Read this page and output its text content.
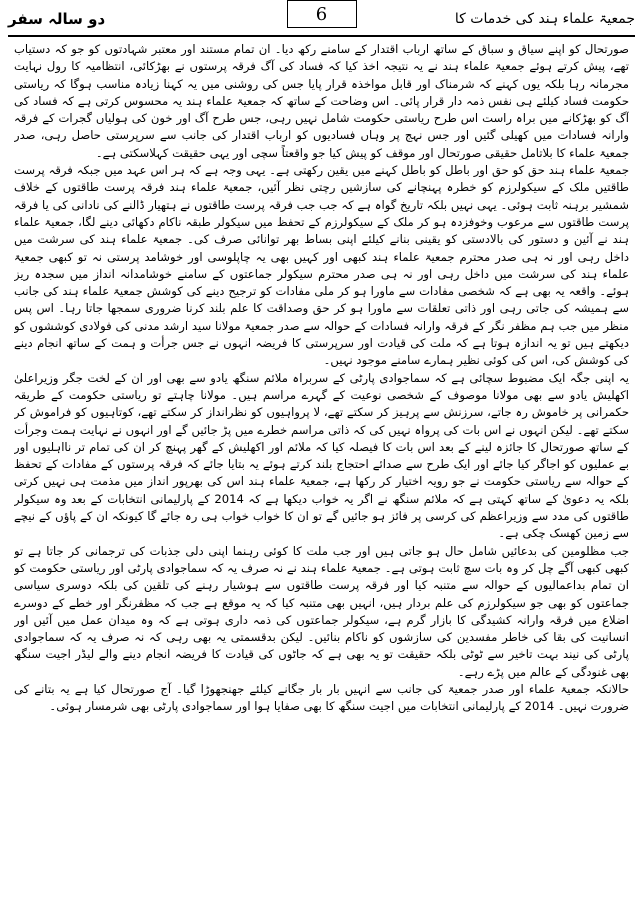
دو سالہ سفر	جمعیۃ علماء ہند کی خدمات کا
6

صورتحال کو اپنے سیاق و سباق کے ساتھ ارباب اقتدار کے سامنے رکھ دیا۔ ان تمام مستند اور معتبر شہادتوں کو جو کہ دستیاب تھے، پیش کرتے ہوئے جمعیۃ علماء ہند نے یہ نتیجہ اخذ کیا کہ فساد کی آگ فرقہ پرستوں نے بھڑکائی، انتظامیہ کا رول نہایت مجرمانہ رہا بلکہ یوں کہنے کہ شرمناک اور قابل مواخذہ قرار پایا جس کی روشنی میں یہ کہنا زیادہ مناسب ہوگا کہ ریاستی حکومت فساد کیلئے ہی نفس ذمہ دار قرار پائی۔ اس وضاحت کے ساتھ کہ جمعیۃ علماء ہند یہ محسوس کرتی ہے کہ فساد کی آگ کو بھڑکانے میں براہ راست اس طرح ریاستی حکومت شامل نہیں رہی، جس طرح آگ اور خون کی ہولیاں گجرات کے فرقہ وارانہ فسادات میں کھیلی گئیں اور جس نہج پر وہاں فسادیوں کو ارباب اقتدار کی جانب سے سرپرستی حاصل رہی، صدر جمعیۃ علماء کا بلاتامل حقیقی صورتحال اور موقف کو پیش کیا جو واقعتاً سچی اور یہی حقیقت کہلاسکتی ہے۔

جمعیۃ علماء ہند حق کو حق اور باطل کو باطل کہنے میں یقین رکھتی ہے۔ یہی وجہ ہے کہ ہر اس عہد میں جبکہ فرقہ پرست طاقتیں ملک کے سیکولرزم کو خطرہ پہنچانے کی سازشیں رچتی نظر آئیں، جمعیۃ علماء ہند فرقہ پرست طاقتوں کے خلاف شمشیر برہنہ ثابت ہوئی۔ یہی نہیں بلکہ تاریخ گواہ ہے کہ جب جب فرقہ پرست طاقتوں نے ہتھیار ڈالنے کی نادانی کی یا فرقہ پرست طاقتوں سے مرعوب وخوفزدہ ہو کر ملک کے سیکولرزم کے تحفظ میں سیکولر طبقہ ناکام دکھائی دینے لگا، جمعیۃ علماء ہند نے آئین و دستور کی بالادستی کو یقینی بنانے کیلئے اپنی بساط بھر توانائی صرف کی۔ جمعیۃ علماء ہند کی سرشت میں داخل رہی اور نہ ہی صدر محترم جمعیۃ علماء ہند کبھی اور کہیں بھی یہ چاپلوسی اور خوشامد پرستی نہ تو کبھی جمعیۃ علماء ہند کی سرشت میں داخل رہی اور نہ ہی صدر محترم سیکولر جماعتوں کے سامنے خوشامدانہ انداز میں سجدہ ریز ہوئے۔ واقعہ یہ بھی ہے کہ شخصی مفادات سے ماورا ہو کر ملی مفادات کو ترجیح دینے کی کوشش جمعیۃ علماء ہند کی جانب سے ہمیشہ کی جاتی رہی اور ذاتی تعلقات سے ماورا ہو کر حق وصداقت کا علم بلند کرنا ضروری سمجھا جاتا رہا۔ اس پس منظر میں جب ہم مظفر نگر کے فرقہ وارانہ فسادات کے حوالہ سے صدر جمعیۃ مولانا سید ارشد مدنی کی فولادی کوششوں کو دیکھتے ہیں تو یہ اندازہ ہوتا ہے کہ ملت کی قیادت اور سرپرستی کا فریضہ انہوں نے جس جرأت و ہمت کے ساتھ انجام دینے کی کوشش کی، اس کی کوئی نظیر ہمارے سامنے موجود نہیں۔

یہ اپنی جگہ ایک مضبوط سچائی ہے کہ سماجوادی پارٹی کے سربراہ ملائم سنگھ یادو سے بھی اور ان کے لخت جگر وزیراعلیٰ اکھلیش یادو سے بھی مولانا موصوف کے شخصی نوعیت کے گہرے مراسم ہیں۔ مولانا چاہتے تو ریاستی حکومت کے طریقہ حکمرانی پر خاموش رہ جاتے، سرزنش سے پرہیز کر سکتے تھے، لا پرواہیوں کو نظرانداز کر سکتے تھے، کوتاہیوں کو فراموش کر سکتے تھے۔ لیکن انہوں نے اس بات کی پرواہ نہیں کی کہ ذاتی مراسم خطرے میں پڑ جائیں گے اور انہوں نے نہایت ہمت وجرأت کے ساتھ صورتحال کا جائزہ لینے کے بعد اس بات کا فیصلہ کیا کہ ملائم اور اکھلیش کے گھر پہنچ کر ان کی تمام تر نااہلیوں اور بے عملیوں کو اجاگر کیا جائے اور ایک طرح سے صدائے احتجاج بلند کرتے ہوئے یہ بتایا جائے کہ فرقہ پرستوں کے مفادات کے تحفظ کے حوالہ سے ریاستی حکومت نے جو رویہ اختیار کر رکھا ہے، جمعیۃ علماء ہند اس کی بھرپور انداز میں مذمت ہی نہیں کرتی بلکہ یہ دعویٰ کے ساتھ کہتی ہے کہ ملائم سنگھ نے اگر یہ خواب دیکھا ہے کہ 2014 کے پارلیمانی انتخابات کے بعد وہ سیکولر طاقتوں کی مدد سے وزیراعظم کی کرسی پر فائز ہو جائیں گے تو ان کا خواب خواب ہی رہ جائے گا کیونکہ ان کے پاؤں کے نیچے سے زمین کھسک چکی ہے۔

جب مظلومین کی بدعائیں شامل حال ہو جاتی ہیں اور جب ملت کا کوئی رہنما اپنی دلی جذبات کی ترجمانی کر جاتا ہے تو کبھی کبھی آگے چل کر وہ بات سچ ثابت ہوتی ہے۔ جمعیۃ علماء ہند نے نہ صرف یہ کہ سماجوادی پارٹی اور ریاستی حکومت کو ان تمام بداعمالیوں کے حوالہ سے متنبہ کیا اور فرقہ پرست طاقتوں سے ہوشیار رہنے کی تلقین کی بلکہ دوسری سیاسی جماعتوں کو بھی جو سیکولرزم کی علم بردار ہیں، انہیں بھی متنبہ کیا کہ یہ موقع ہے جب کہ مظفرنگر اور خطے کے دوسرے اضلاع میں فرقہ وارانہ کشیدگی کا بازار گرم ہے، سیکولر جماعتوں کی ذمہ داری ہوتی ہے کہ وہ میدان عمل میں آئیں اور انسانیت کی بقا کی خاطر مفسدین کی سازشوں کو ناکام بنائیں۔ لیکن بدقسمتی یہ بھی رہی کہ نہ صرف یہ کہ سماجوادی پارٹی کی نیند بہت تاخیر سے ٹوٹی بلکہ حقیقت تو یہ بھی ہے کہ جاٹوں کی قیادت کا فریضہ انجام دینے والے لیڈر اجیت سنگھ بھی غنودگی کے عالم میں پڑے رہے۔

حالانکہ جمعیۃ علماء اور صدر جمعیۃ کی جانب سے انہیں بار بار جگانے کیلئے جھنجھوڑا گیا۔ آج صورتحال کیا ہے یہ بتانے کی ضرورت نہیں۔ 2014 کے پارلیمانی انتخابات میں اجیت سنگھ کا بھی صفایا ہوا اور سماجوادی پارٹی بھی شرمسار ہوئی۔
